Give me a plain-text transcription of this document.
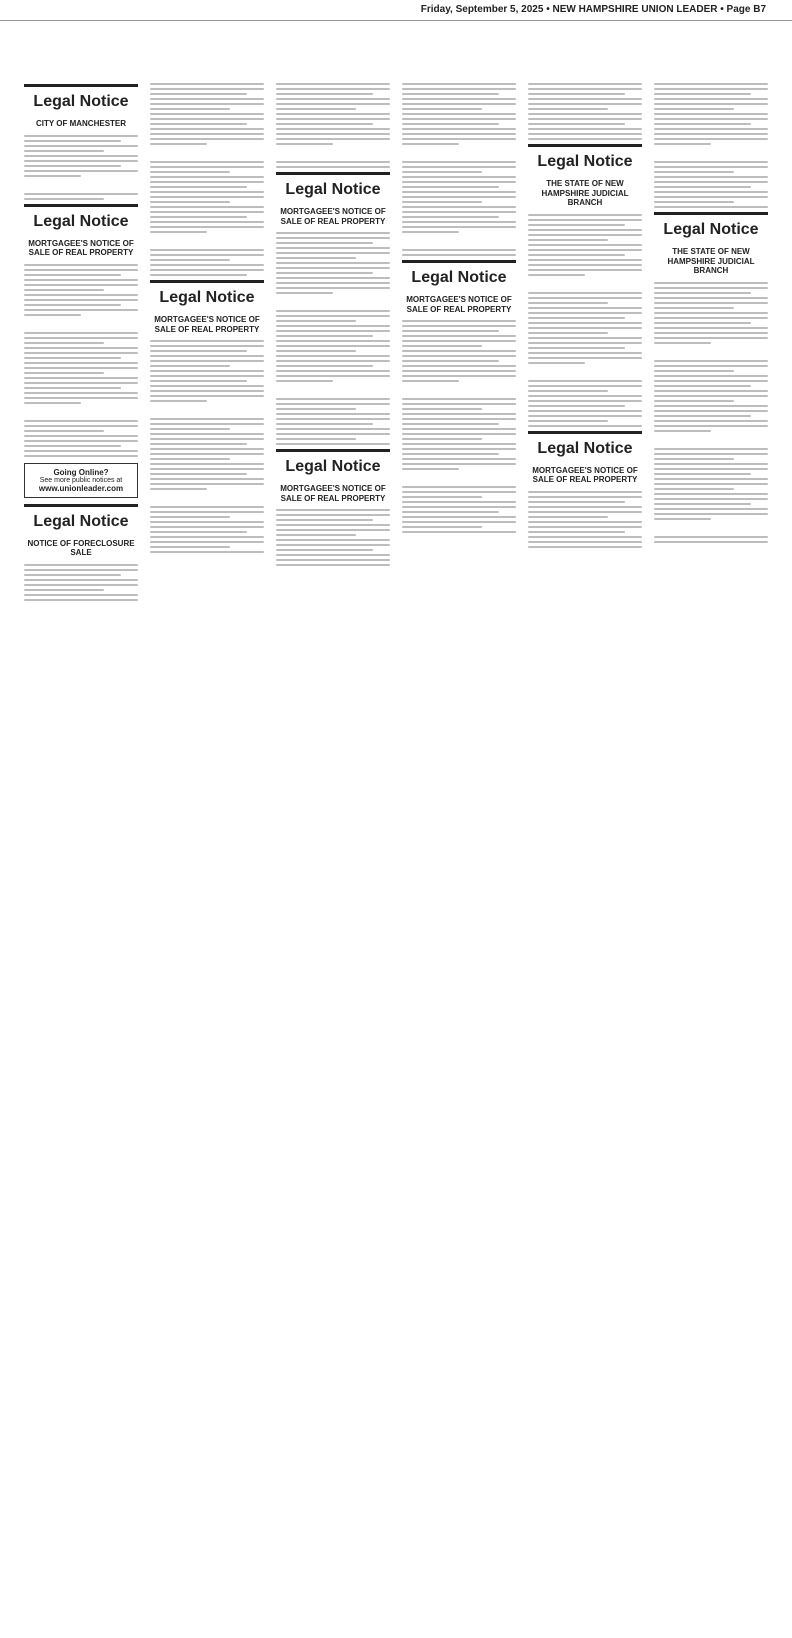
Friday, September 5, 2025 • NEW HAMPSHIRE UNION LEADER • Page B7
Legal Notice
CITY OF MANCHESTER
Legal Notice
MORTGAGEE'S NOTICE OF SALE OF REAL PROPERTY
Going Online?
See more public notices at
www.unionleader.com
Legal Notice
NOTICE OF FORECLOSURE SALE
Legal Notice
MORTGAGEE'S NOTICE OF SALE OF REAL PROPERTY
Legal Notice
MORTGAGEE'S NOTICE OF SALE OF REAL PROPERTY
Legal Notice
MORTGAGEE'S NOTICE OF SALE OF REAL PROPERTY
Legal Notice
MORTGAGEE'S NOTICE OF SALE OF REAL PROPERTY
Legal Notice
THE STATE OF NEW HAMPSHIRE JUDICIAL BRANCH
Legal Notice
MORTGAGEE'S NOTICE OF SALE OF REAL PROPERTY
Legal Notice
THE STATE OF NEW HAMPSHIRE JUDICIAL BRANCH
